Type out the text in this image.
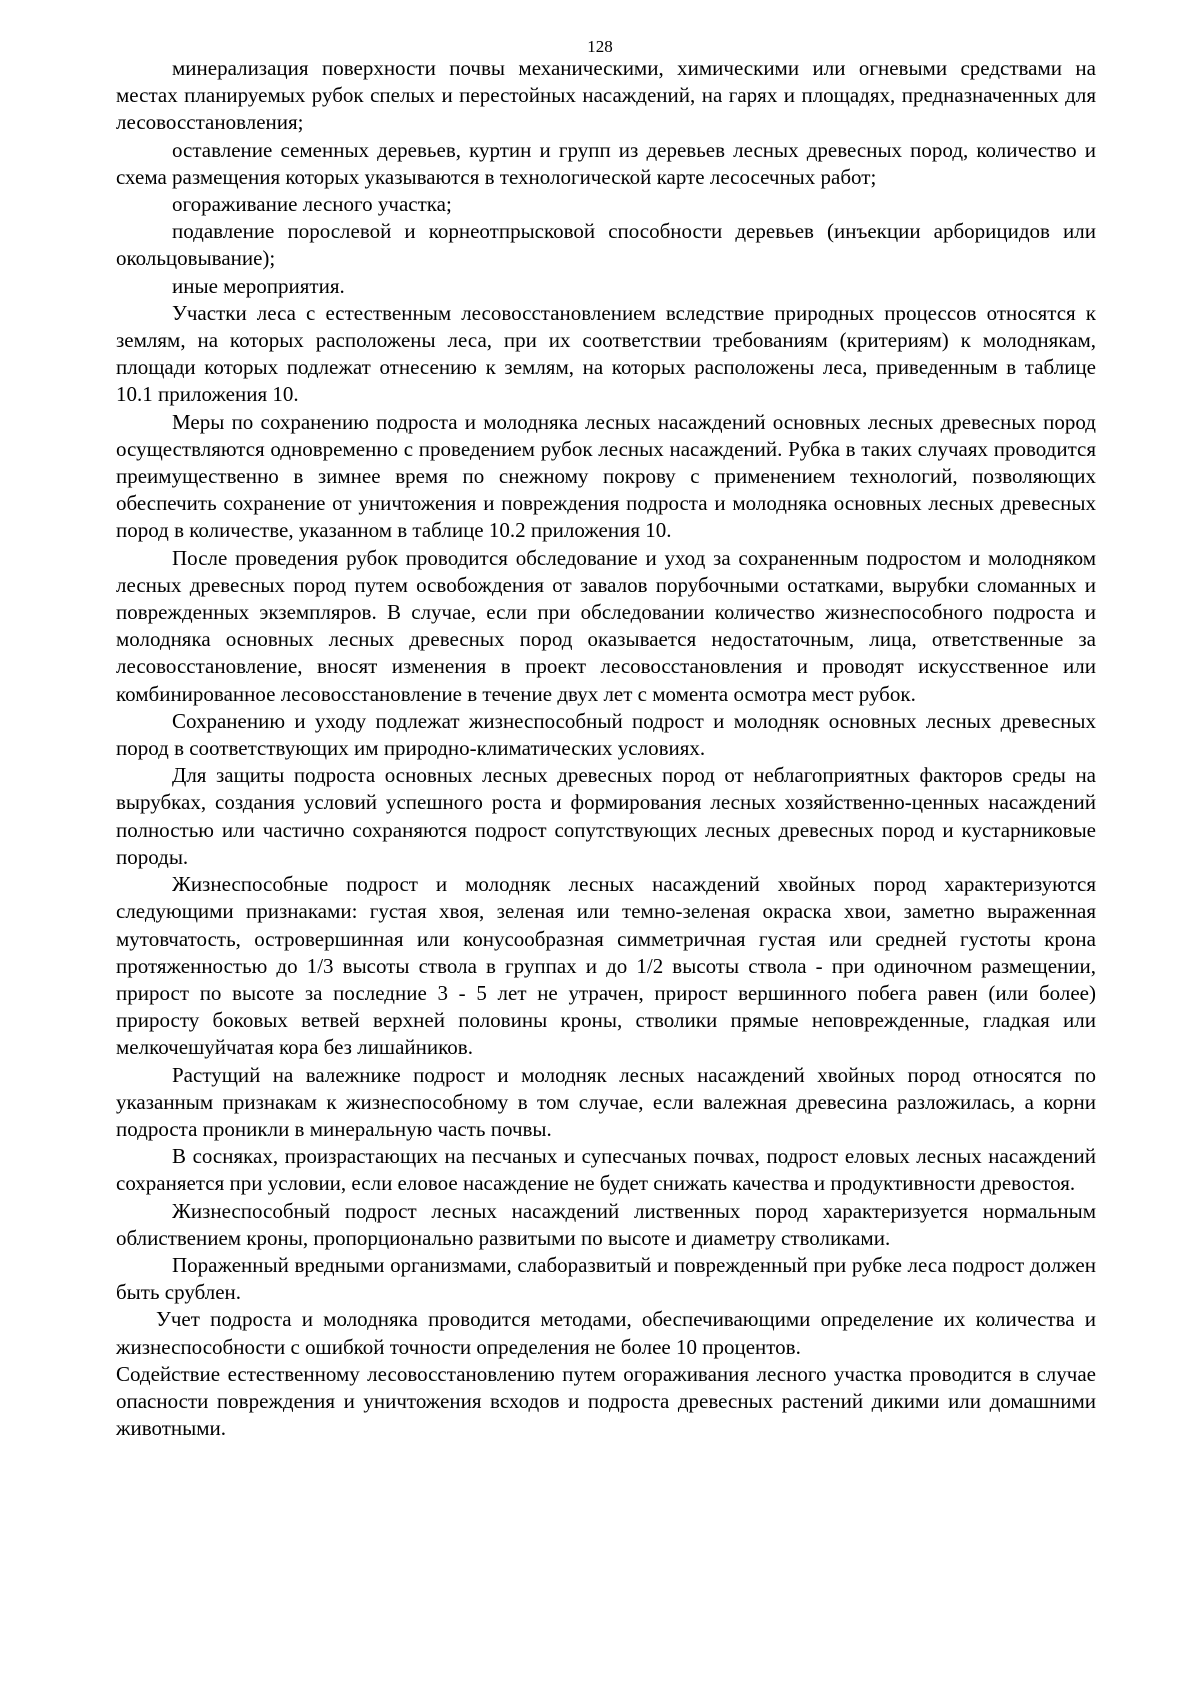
128

минерализация поверхности почвы механическими, химическими или огневыми средствами на местах планируемых рубок спелых и перестойных насаждений, на гарях и площадях, предназначенных для лесовосстановления;

оставление семенных деревьев, куртин и групп из деревьев лесных древесных пород, количество и схема размещения которых указываются в технологической карте лесосечных работ;

огораживание лесного участка;

подавление порослевой и корнеотпрысковой способности деревьев (инъекции арборицидов или окольцовывание);

иные мероприятия.

Участки леса с естественным лесовосстановлением вследствие природных процессов относятся к землям, на которых расположены леса, при их соответствии требованиям (критериям) к молоднякам, площади которых подлежат отнесению к землям, на которых расположены леса, приведенным в таблице 10.1 приложения 10.

Меры по сохранению подроста и молодняка лесных насаждений основных лесных древесных пород осуществляются одновременно с проведением рубок лесных насаждений. Рубка в таких случаях проводится преимущественно в зимнее время по снежному покрову с применением технологий, позволяющих обеспечить сохранение от уничтожения и повреждения подроста и молодняка основных лесных древесных пород в количестве, указанном в таблице 10.2 приложения 10.

После проведения рубок проводится обследование и уход за сохраненным подростом и молодняком лесных древесных пород путем освобождения от завалов порубочными остатками, вырубки сломанных и поврежденных экземпляров. В случае, если при обследовании количество жизнеспособного подроста и молодняка основных лесных древесных пород оказывается недостаточным, лица, ответственные за лесовосстановление, вносят изменения в проект лесовосстановления и проводят искусственное или комбинированное лесовосстановление в течение двух лет с момента осмотра мест рубок.

Сохранению и уходу подлежат жизнеспособный подрост и молодняк основных лесных древесных пород в соответствующих им природно-климатических условиях.

Для защиты подроста основных лесных древесных пород от неблагоприятных факторов среды на вырубках, создания условий успешного роста и формирования лесных хозяйственно-ценных насаждений полностью или частично сохраняются подрост сопутствующих лесных древесных пород и кустарниковые породы.

Жизнеспособные подрост и молодняк лесных насаждений хвойных пород характеризуются следующими признаками: густая хвоя, зеленая или темно-зеленая окраска хвои, заметно выраженная мутовчатость, островершинная или конусообразная симметричная густая или средней густоты крона протяженностью до 1/3 высоты ствола в группах и до 1/2 высоты ствола - при одиночном размещении, прирост по высоте за последние 3 - 5 лет не утрачен, прирост вершинного побега равен (или более) приросту боковых ветвей верхней половины кроны, стволики прямые неповрежденные, гладкая или мелкочешуйчатая кора без лишайников.

Растущий на валежнике подрост и молодняк лесных насаждений хвойных пород относятся по указанным признакам к жизнеспособному в том случае, если валежная древесина разложилась, а корни подроста проникли в минеральную часть почвы.

В сосняках, произрастающих на песчаных и супесчаных почвах, подрост еловых лесных насаждений сохраняется при условии, если еловое насаждение не будет снижать качества и продуктивности древостоя.

Жизнеспособный подрост лесных насаждений лиственных пород характеризуется нормальным облиствением кроны, пропорционально развитыми по высоте и диаметру стволиками.

Пораженный вредными организмами, слаборазвитый и поврежденный при рубке леса подрост должен быть срублен.

Учет подроста и молодняка проводится методами, обеспечивающими определение их количества и жизнеспособности с ошибкой точности определения не более 10 процентов.

Содействие естественному лесовосстановлению путем огораживания лесного участка проводится в случае опасности повреждения и уничтожения всходов и подроста древесных растений дикими или домашними животными.
